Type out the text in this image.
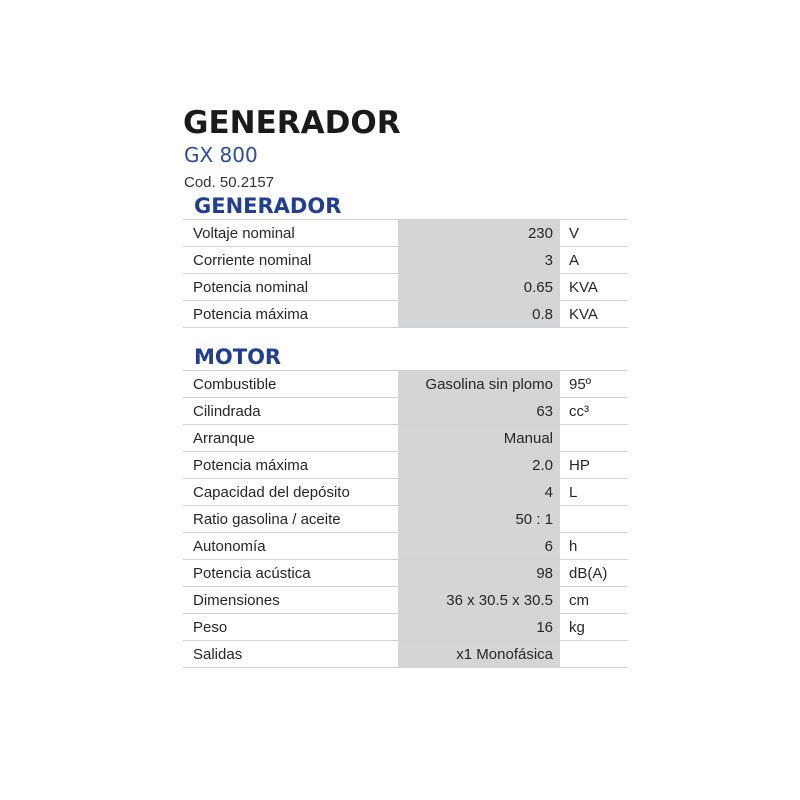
GENERADOR
GX 800
Cod. 50.2157
GENERADOR
Voltaje nominal	230	V
Corriente nominal	3	A
Potencia nominal	0.65	KVA
Potencia máxima	0.8	KVA
MOTOR
Combustible	Gasolina sin plomo	95º
Cilindrada	63	cc³
Arranque	Manual	
Potencia máxima	2.0	HP
Capacidad del depósito	4	L
Ratio gasolina / aceite	50 : 1	
Autonomía	6	h
Potencia acústica	98	dB(A)
Dimensiones	36 x 30.5 x 30.5	cm
Peso	16	kg
Salidas	x1 Monofásica	
